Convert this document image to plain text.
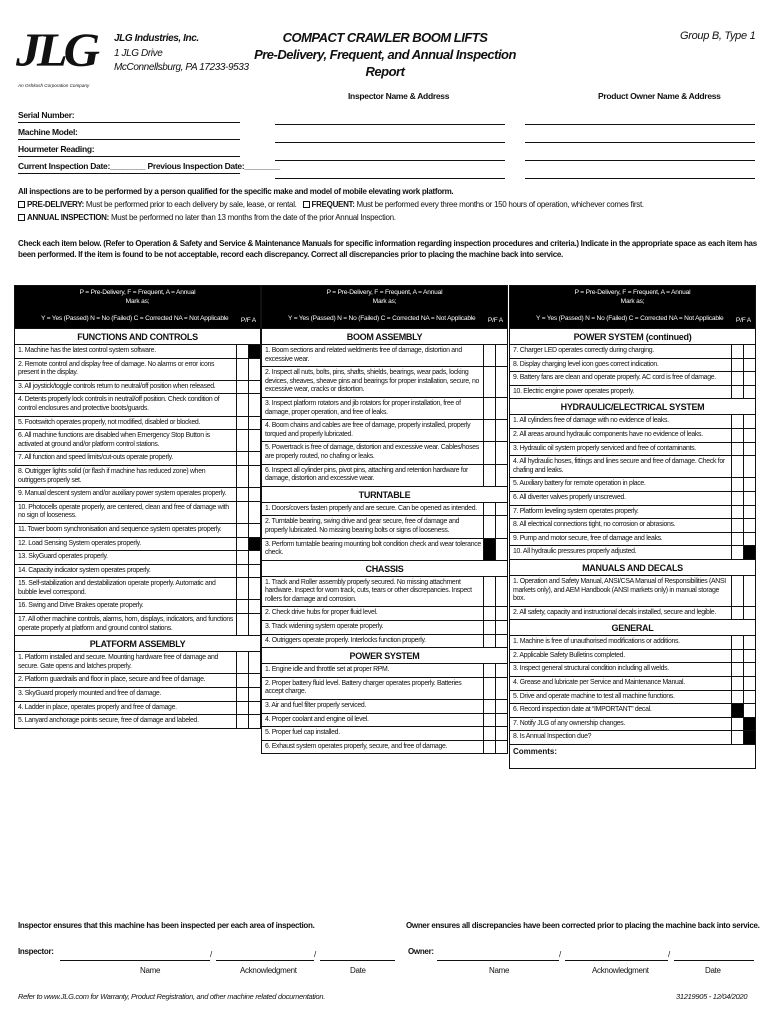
JLG
An Oshkosh Corporation Company
JLG Industries, Inc.
1 JLG Drive
McConnellsburg, PA 17233-9533
COMPACT CRAWLER BOOM LIFTS
Pre-Delivery, Frequent, and Annual Inspection Report
Group B, Type 1
Inspector Name & Address	Product Owner Name & Address
Serial Number:
Machine Model:
Hourmeter Reading:
Current Inspection Date:________ Previous Inspection Date:________
All inspections are to be performed by a person qualified for the specific make and model of mobile elevating work platform.
PRE-DELIVERY: Must be performed prior to each delivery by sale, lease, or rental. FREQUENT: Must be performed every three months or 150 hours of operation, whichever comes first.
ANNUAL INSPECTION: Must be performed no later than 13 months from the date of the prior Annual Inspection.
Check each item below. (Refer to Operation & Safety and Service & Maintenance Manuals for specific information regarding inspection procedures and criteria.) Indicate in the appropriate space as each item has been performed. If the item is found to be not acceptable, record each discrepancy. Correct all discrepancies prior to placing the machine back into service.
P = Pre-Delivery, F = Frequent, A = Annual
Mark as;
Y = Yes (Passed) N = No (Failed) C = Corrected NA = Not Applicable	P/F A
FUNCTIONS AND CONTROLS
1. Machine has the latest control system software.
2. Remote control and display free of damage. No alarms or error icons present in the display.
3. All joystick/toggle controls return to neutral/off position when released.
4. Detents properly lock controls in neutral/off position. Check condition of control enclosures and protective boots/guards.
5. Footswitch operates properly, not modified, disabled or blocked.
6. All machine functions are disabled when Emergency Stop Button is activated at ground and/or platform control stations.
7. All function and speed limits/cut-outs operate properly.
8. Outrigger lights solid (or flash if machine has reduced zone) when outriggers properly set.
9. Manual descent system and/or auxiliary power system operates properly.
10. Photocells operate properly, are centered, clean and free of damage with no sign of looseness.
11. Tower boom synchronisation and sequence system operates properly.
12. Load Sensing System operates properly.
13. SkyGuard operates properly.
14. Capacity indicator system operates properly.
15. Self-stabilization and destabilization operate properly. Automatic and bubble level correspond.
16. Swing and Drive Brakes operate properly.
17. All other machine controls, alarms, horn, displays, indicators, and functions operate properly at platform and ground control stations.
PLATFORM ASSEMBLY
1. Platform installed and secure. Mounting hardware free of damage and secure. Gate opens and latches properly.
2. Platform guardrails and floor in place, secure and free of damage.
3. SkyGuard properly mounted and free of damage.
4. Ladder in place, operates properly and free of damage.
5. Lanyard anchorage points secure, free of damage and labeled.
P = Pre-Delivery, F = Frequent, A = Annual
Mark as;
Y = Yes (Passed) N = No (Failed) C = Corrected NA = Not Applicable	P/F A
BOOM ASSEMBLY
1. Boom sections and related weldments free of damage, distortion and excessive wear.
2. Inspect all nuts, bolts, pins, shafts, shields, bearings, wear pads, locking devices, sheaves, sheave pins and bearings for proper installation, secure, no excessive wear, cracks or distortion.
3. Inspect platform rotators and jib rotators for proper installation, free of damage, proper operation, and free of leaks.
4. Boom chains and cables are free of damage, properly installed, properly torqued and properly lubricated.
5. Powertrack is free of damage, distortion and excessive wear. Cables/hoses are properly routed, no chafing or leaks.
6. Inspect all cylinder pins, pivot pins, attaching and retention hardware for damage, distortion and excessive wear.
TURNTABLE
1. Doors/covers fasten properly and are secure. Can be opened as intended.
2. Turntable bearing, swing drive and gear secure, free of damage and properly lubricated. No missing bearing bolts or signs of looseness.
3. Perform turntable bearing mounting bolt condition check and wear tolerance check.
CHASSIS
1. Track and Roller assembly properly secured. No missing attachment hardware. Inspect for worn track, cuts, tears or other discrepancies. Inspect rollers for damage and corrosion.
2. Check drive hubs for proper fluid level.
3. Track widening system operate properly.
4. Outriggers operate properly. Interlocks function properly.
POWER SYSTEM
1. Engine idle and throttle set at proper RPM.
2. Proper battery fluid level. Battery charger operates properly. Batteries accept charge.
3. Air and fuel filter properly serviced.
4. Proper coolant and engine oil level.
5. Proper fuel cap installed.
6. Exhaust system operates properly, secure, and free of damage.
P = Pre-Delivery, F = Frequent, A = Annual
Mark as;
Y = Yes (Passed) N = No (Failed) C = Corrected NA = Not Applicable	P/F A
POWER SYSTEM (continued)
7. Charger LED operates correctly during charging.
8. Display charging level icon goes correct indication.
9. Battery fans are clean and operate properly. AC cord is free of damage.
10. Electric engine power operates properly.
HYDRAULIC/ELECTRICAL SYSTEM
1. All cylinders free of damage with no evidence of leaks.
2. All areas around hydraulic components have no evidence of leaks.
3. Hydraulic oil system properly serviced and free of contaminants.
4. All hydraulic hoses, fittings and lines secure and free of damage. Check for chafing and leaks.
5. Auxiliary battery for remote operation in place.
6. All diverter valves properly unscrewed.
7. Platform leveling system operates properly.
8. All electrical connections tight, no corrosion or abrasions.
9. Pump and motor secure, free of damage and leaks.
10. All hydraulic pressures properly adjusted.
MANUALS AND DECALS
1. Operation and Safety Manual, ANSI/CSA Manual of Responsibilities (ANSI markets only), and AEM Handbook (ANSI markets only) in manual storage box.
2. All safety, capacity and instructional decals installed, secure and legible.
GENERAL
1. Machine is free of unauthorised modifications or additions.
2. Applicable Safety Bulletins completed.
3. Inspect general structural condition including all welds.
4. Grease and lubricate per Service and Maintenance Manual.
5. Drive and operate machine to test all machine functions.
6. Record inspection date at “IMPORTANT” decal.
7. Notify JLG of any ownership changes.
8. Is Annual Inspection due?
Comments:
Inspector ensures that this machine has been inspected per each area of inspection.	Owner ensures all discrepancies have been corrected prior to placing the machine back into service.
Inspector:	/	/
Name	Acknowledgment	Date
Owner:	/	/
Name	Acknowledgment	Date
Refer to www.JLG.com for Warranty, Product Registration, and other machine related documentation.	31219905 - 12/04/2020
